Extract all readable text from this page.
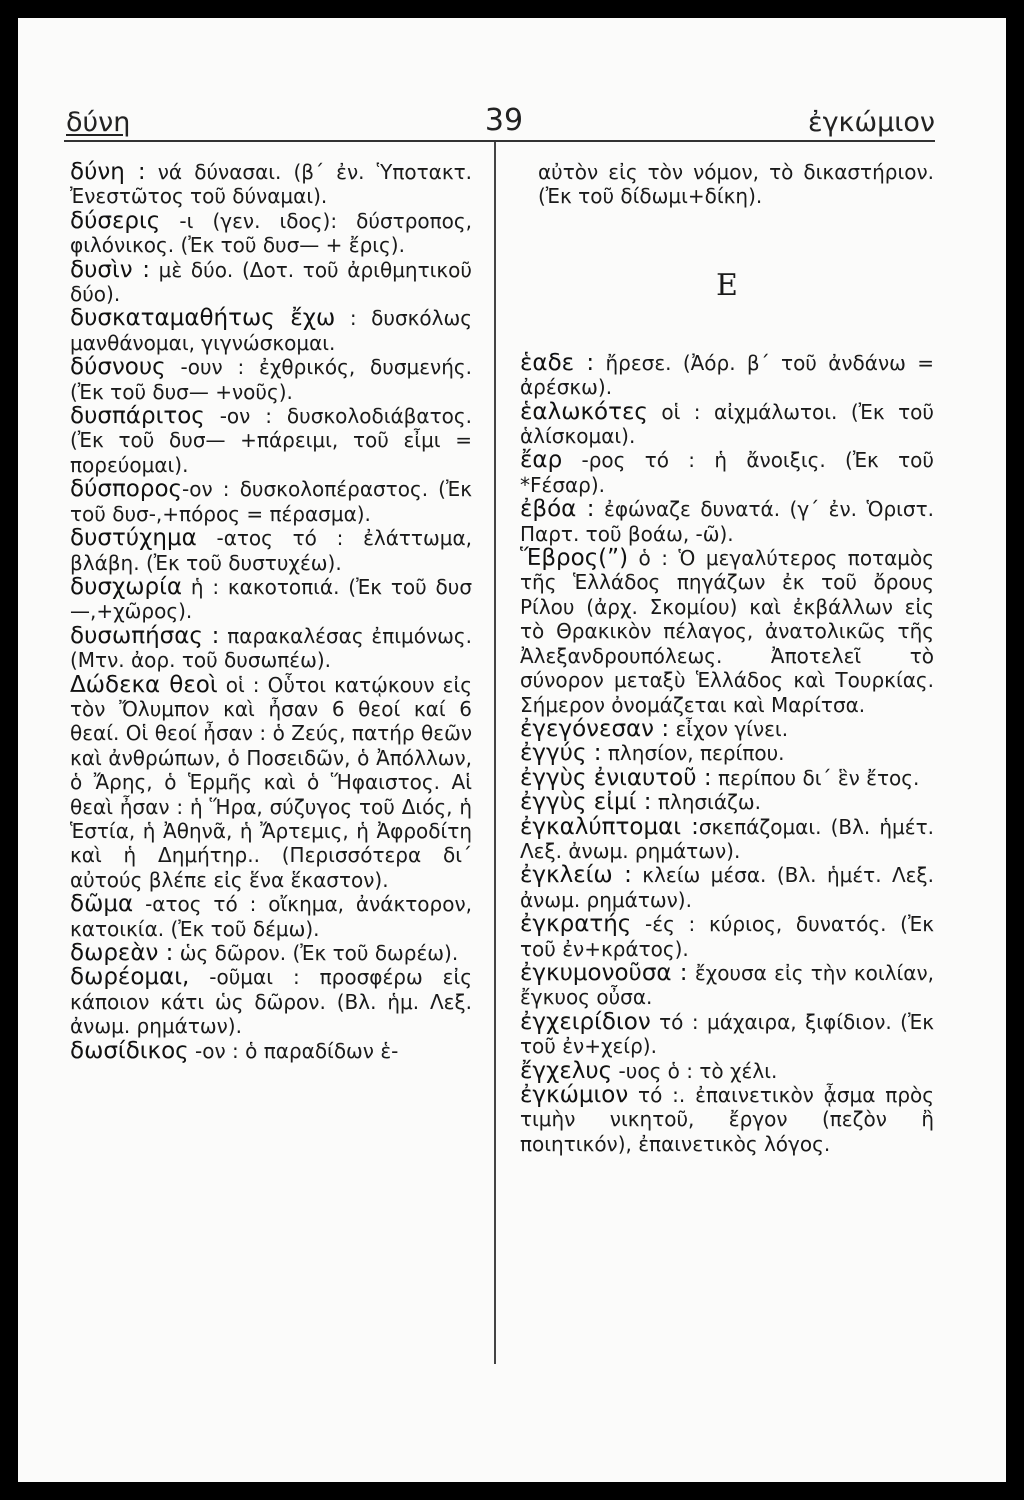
δύνη	39	ἐγκώμιον

δύνη : νά δύνασαι. (β΄ ἐν. Ὑποτακτ. Ἐνεστῶτος τοῦ δύναμαι).

δύσερις -ι (γεν. ιδος): δύστροπος, φιλόνικος. (Ἐκ τοῦ δυσ— + ἔρις).

δυσὶν : μὲ δύο. (Δοτ. τοῦ ἀριθμητικοῦ δύο).

δυσκαταμαθήτως ἔχω : δυσκόλως μανθάνομαι, γιγνώσκομαι.

δύσνους -ουν : ἐχθρικός, δυσμενής. (Ἐκ τοῦ δυσ— +νοῦς).

δυσπάριτος -ον : δυσκολοδιάβατος. (Ἐκ τοῦ δυσ— +πάρειμι, τοῦ εἶμι = πορεύομαι).

δύσπορος-ον : δυσκολοπέραστος. (Ἐκ τοῦ δυσ-,+πόρος = πέρασμα).

δυστύχημα -ατος τό : ἐλάττωμα, βλάβη. (Ἐκ τοῦ δυστυχέω).

δυσχωρία ἡ : κακοτοπιά. (Ἐκ τοῦ δυσ—,+χῶρος).

δυσωπήσας : παρακαλέσας ἐπιμόνως. (Μτν. ἀορ. τοῦ δυσωπέω).

Δώδεκα θεοὶ οἱ : Οὗτοι κατῴκουν εἰς τὸν Ὄλυμπον καὶ ἦσαν 6 θεοί καί 6 θεαί. Οἱ θεοί ἦσαν : ὁ Ζεύς, πατήρ θεῶν καὶ ἀνθρώπων, ὁ Ποσειδῶν, ὁ Ἀπόλλων, ὁ Ἄρης, ὁ Ἑρμῆς καὶ ὁ Ἥφαιστος. Αἱ θεαὶ ἦσαν : ἡ Ἥρα, σύζυγος τοῦ Διός, ἡ Ἑστία, ἡ Ἀθηνᾶ, ἡ Ἄρτεμις, ἡ Ἀφροδίτη καὶ ἡ Δημήτηρ.. (Περισσότερα δι΄ αὐτούς βλέπε εἰς ἕνα ἕκαστον).

δῶμα -ατος τό : οἴκημα, ἀνάκτορον, κατοικία. (Ἐκ τοῦ δέμω).

δωρεὰν : ὡς δῶρον. (Ἐκ τοῦ δωρέω).

δωρέομαι, -οῦμαι : προσφέρω εἰς κάποιον κάτι ὡς δῶρον. (Βλ. ἡμ. Λεξ. ἀνωμ. ρημάτων).

δωσίδικος -ον : ὁ παραδίδων ἑ-

αὐτὸν εἰς τὸν νόμον, τὸ δικαστήριον. (Ἐκ τοῦ δίδωμι+δίκη).

Ε

ἑαδε : ἤρεσε. (Ἀόρ. β΄ τοῦ ἀνδάνω = ἀρέσκω).

ἑαλωκότες οἱ : αἰχμάλωτοι. (Ἐκ τοῦ ἁλίσκομαι).

ἔαρ -ρος τό : ἡ ἄνοιξις. (Ἐκ τοῦ *Ϝέσαρ).

ἐβόα : ἐφώναζε δυνατά. (γ΄ ἐν. Ὁριστ. Παρτ. τοῦ βοάω, -ῶ).

Ἕβρος(ˮ) ὁ : Ὁ μεγαλύτερος ποταμὸς τῆς Ἑλλάδος πηγάζων ἐκ τοῦ ὄρους Ρίλου (ἀρχ. Σκομίου) καὶ ἐκβάλλων εἰς τὸ Θρακικὸν πέλαγος, ἀνατολικῶς τῆς Ἀλεξανδρουπόλεως. Ἀποτελεῖ τὸ σύνορον μεταξὺ Ἑλλάδος καὶ Τουρκίας. Σήμερον ὀνομάζεται καὶ Μαρίτσα.

ἐγεγόνεσαν : εἶχον γίνει.

ἐγγύς : πλησίον, περίπου.

ἐγγὺς ἐνιαυτοῦ : περίπου δι΄ ἓν ἔτος.

ἐγγὺς εἰμί : πλησιάζω.

ἐγκαλύπτομαι :σκεπάζομαι. (Βλ. ἡμέτ. Λεξ. ἀνωμ. ρημάτων).

ἐγκλείω : κλείω μέσα. (Βλ. ἡμέτ. Λεξ. ἀνωμ. ρημάτων).

ἐγκρατής -ές : κύριος, δυνατός. (Ἐκ τοῦ ἐν+κράτος).

ἐγκυμονοῦσα : ἔχουσα εἰς τὴν κοιλίαν, ἔγκυος οὖσα.

ἐγχειρίδιον τό : μάχαιρα, ξιφίδιον. (Ἐκ τοῦ ἐν+χείρ).

ἔγχελυς -υος ὁ : τὸ χέλι.

ἐγκώμιον τό :. ἐπαινετικὸν ᾆσμα πρὸς τιμὴν νικητοῦ, ἔργον (πεζὸν ἢ ποιητικόν), ἐπαινετικὸς λόγος.
